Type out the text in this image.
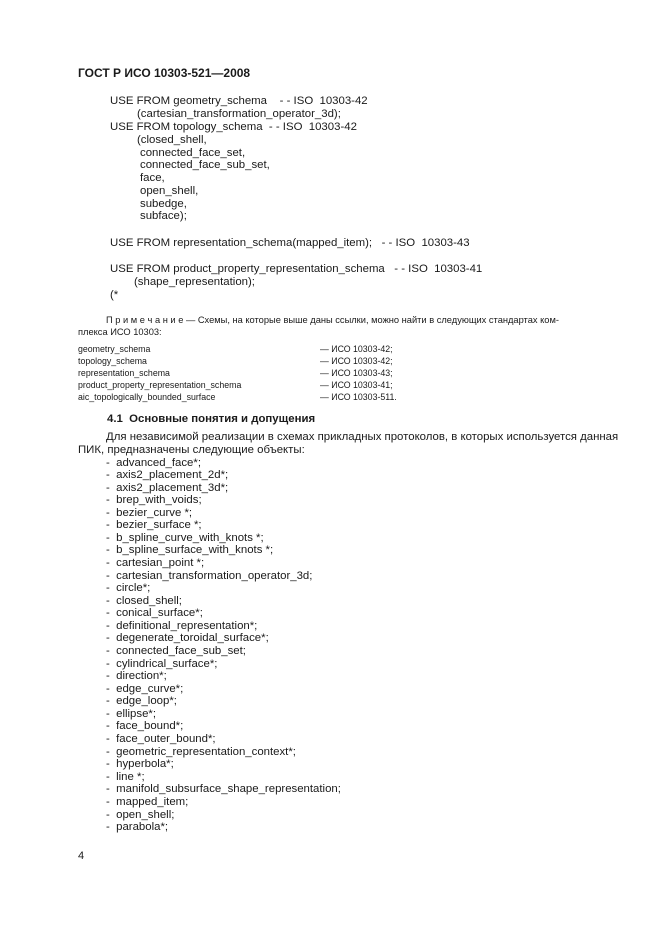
ГОСТ Р ИСО 10303-521—2008
USE FROM geometry_schema    - - ISO  10303-42
(cartesian_transformation_operator_3d);
USE FROM topology_schema  - - ISO  10303-42
(closed_shell,
connected_face_set,
connected_face_sub_set,
face,
open_shell,
subedge,
subface);
USE FROM representation_schema(mapped_item);   - - ISO  10303-43
USE FROM product_property_representation_schema   - - ISO  10303-41
(shape_representation);
(*
П р и м е ч а н и е — Схемы, на которые выше даны ссылки, можно найти в следующих стандартах ком-
плекса ИСО 10303:
geometry_schema	— ИСО 10303-42;
topology_schema	— ИСО 10303-42;
representation_schema	— ИСО 10303-43;
product_property_representation_schema	— ИСО 10303-41;
aic_topologically_bounded_surface	— ИСО 10303-511.
4.1  Основные понятия и допущения
Для независимой реализации в схемах прикладных протоколов, в которых используется данная
ПИК, предназначены следующие объекты:
-  advanced_face*;
-  axis2_placement_2d*;
-  axis2_placement_3d*;
-  brep_with_voids;
-  bezier_curve *;
-  bezier_surface *;
-  b_spline_curve_with_knots *;
-  b_spline_surface_with_knots *;
-  cartesian_point *;
-  cartesian_transformation_operator_3d;
-  circle*;
-  closed_shell;
-  conical_surface*;
-  definitional_representation*;
-  degenerate_toroidal_surface*;
-  connected_face_sub_set;
-  cylindrical_surface*;
-  direction*;
-  edge_curve*;
-  edge_loop*;
-  ellipse*;
-  face_bound*;
-  face_outer_bound*;
-  geometric_representation_context*;
-  hyperbola*;
-  line *;
-  manifold_subsurface_shape_representation;
-  mapped_item;
-  open_shell;
-  parabola*;
4
